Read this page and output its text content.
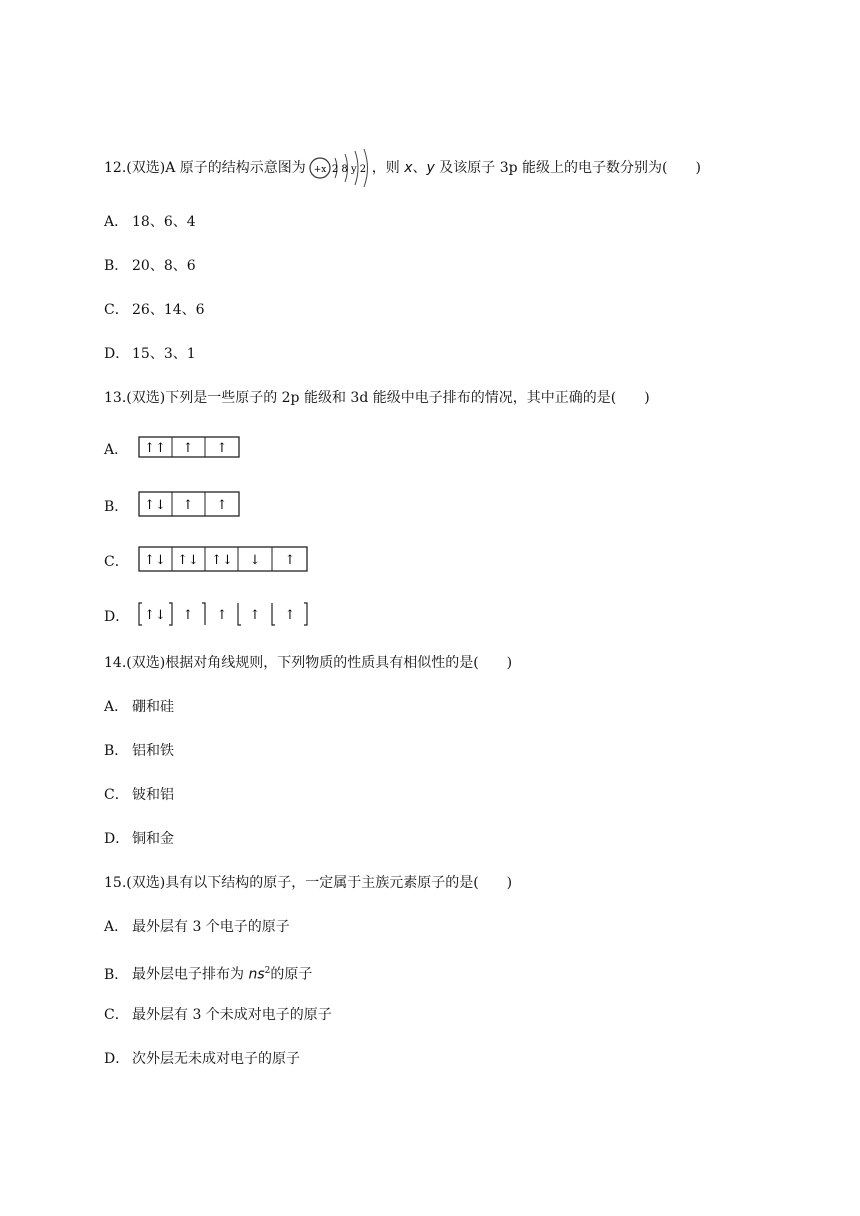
12.(双选)A 原子的结构示意图为 +x 2 8 y 2 ，则 x、y 及该原子 3p 能级上的电子数分别为(　　)
A． 18、6、4
B． 20、8、6
C． 26、14、6
D． 15、3、1
13.(双选)下列是一些原子的 2p 能级和 3d 能级中电子排布的情况，其中正确的是(　　)
A． ↑↑ ↑ ↑
B． ↑↓ ↑ ↑
C． ↑↓ ↑↓ ↑↓ ↓ ↑
D． ↑↓ ↑ ↑ ↑ ↑
14.(双选)根据对角线规则，下列物质的性质具有相似性的是(　　)
A． 硼和硅
B． 铝和铁
C． 铍和铝
D． 铜和金
15.(双选)具有以下结构的原子，一定属于主族元素原子的是(　　)
A． 最外层有 3 个电子的原子
B． 最外层电子排布为 $ns^2$的原子
C． 最外层有 3 个未成对电子的原子
D． 次外层无未成对电子的原子
